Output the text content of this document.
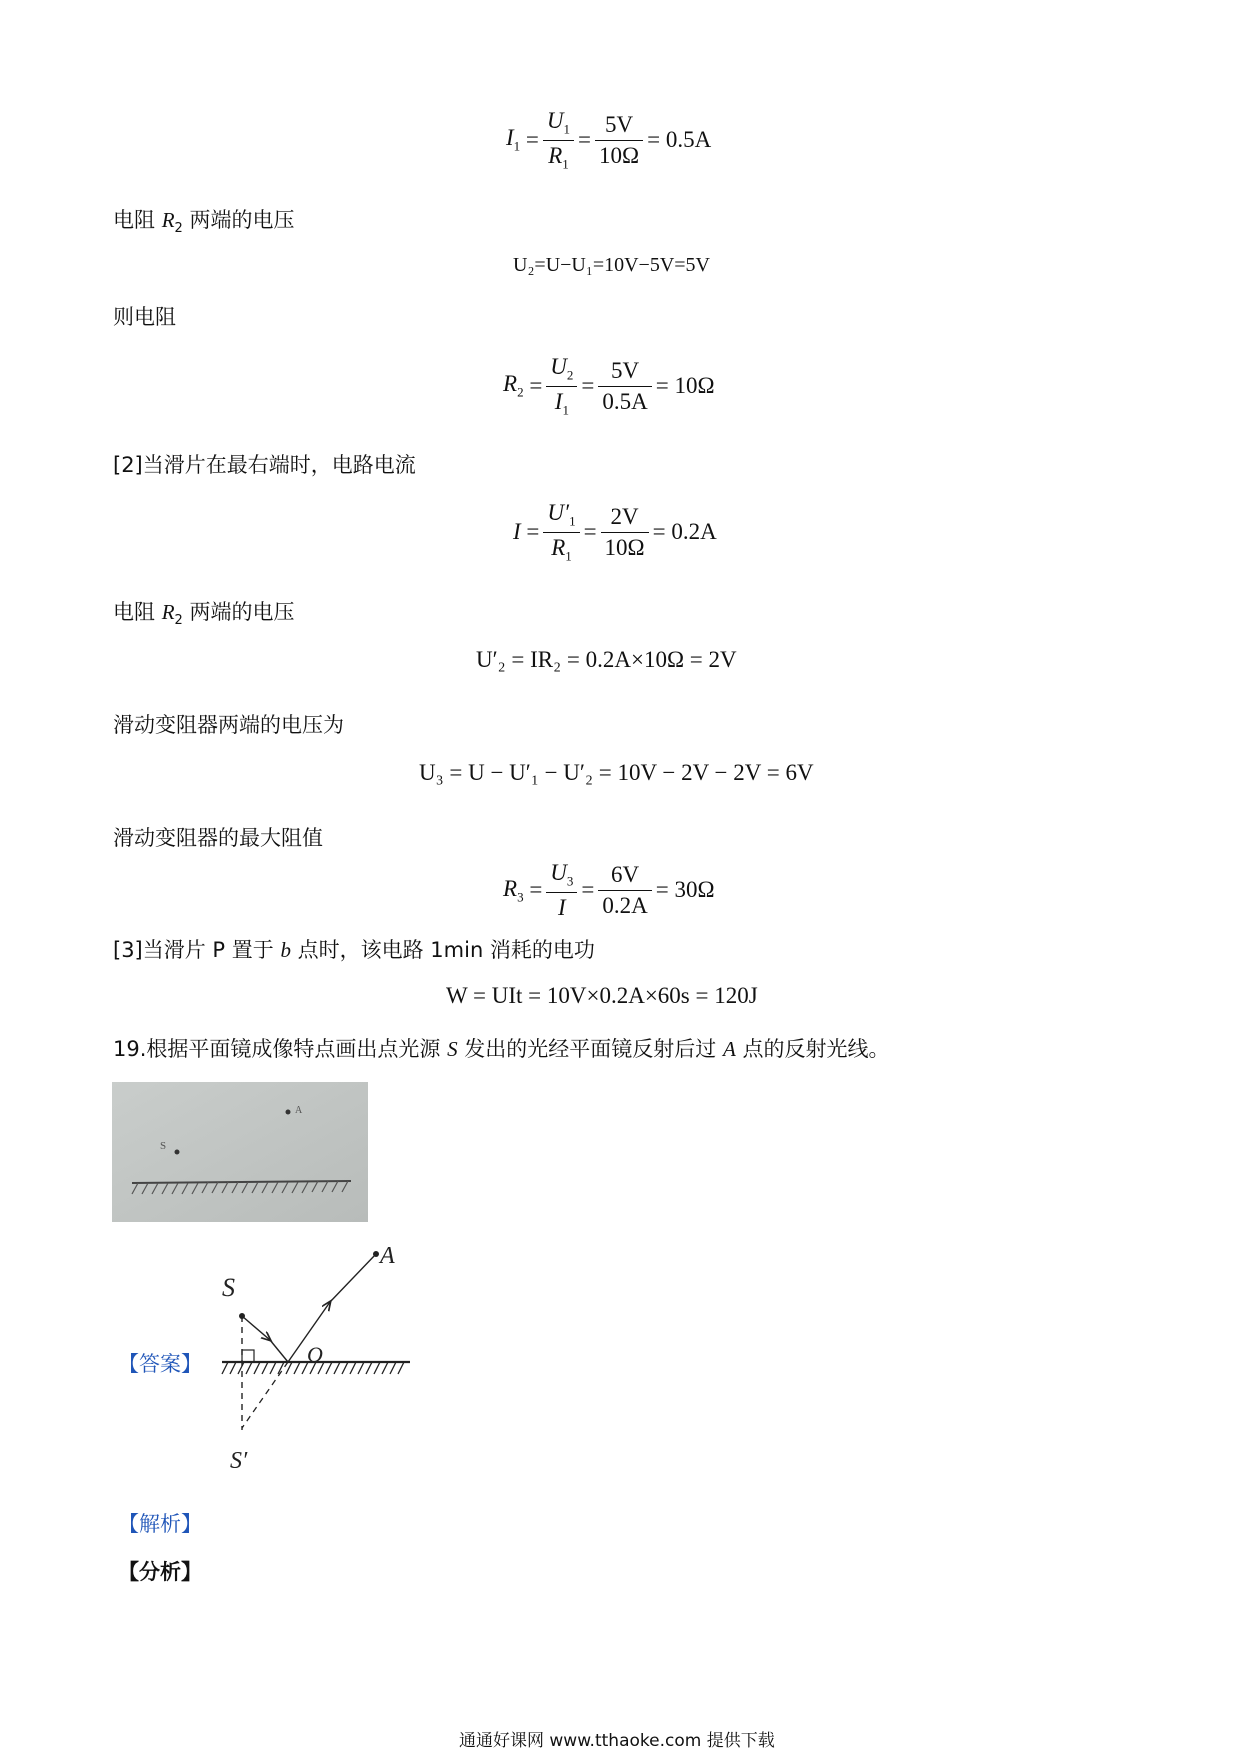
$I_1 = \frac{U_1}{R_1} = \frac{5V}{10\Omega} = 0.5A$
电阻 $R_2$ 两端的电压
U₂=U−U₁=10V−5V=5V
则电阻
$R_2 = \frac{U_2}{I_1} = \frac{5V}{0.5A} = 10\Omega$
[2]当滑片在最右端时，电路电流
$I = \frac{U'_1}{R_1} = \frac{2V}{10\Omega} = 0.2A$
电阻 $R_2$ 两端的电压
U′₂ = IR₂ = 0.2A×10Ω = 2V
滑动变阻器两端的电压为
U₃ = U − U′₁ − U′₂ = 10V − 2V − 2V = 6V
滑动变阻器的最大阻值
$R_3 = \frac{U_3}{I} = \frac{6V}{0.2A} = 30\Omega$
[3]当滑片 P 置于 b 点时，该电路 1min 消耗的电功
W = UIt = 10V×0.2A×60s = 120J
19.根据平面镜成像特点画出点光源 S 发出的光经平面镜反射后过 A 点的反射光线。
A
S
【答案】
S
A
O
S′
【解析】
【分析】
通通好课网 www.tthaoke.com 提供下载
